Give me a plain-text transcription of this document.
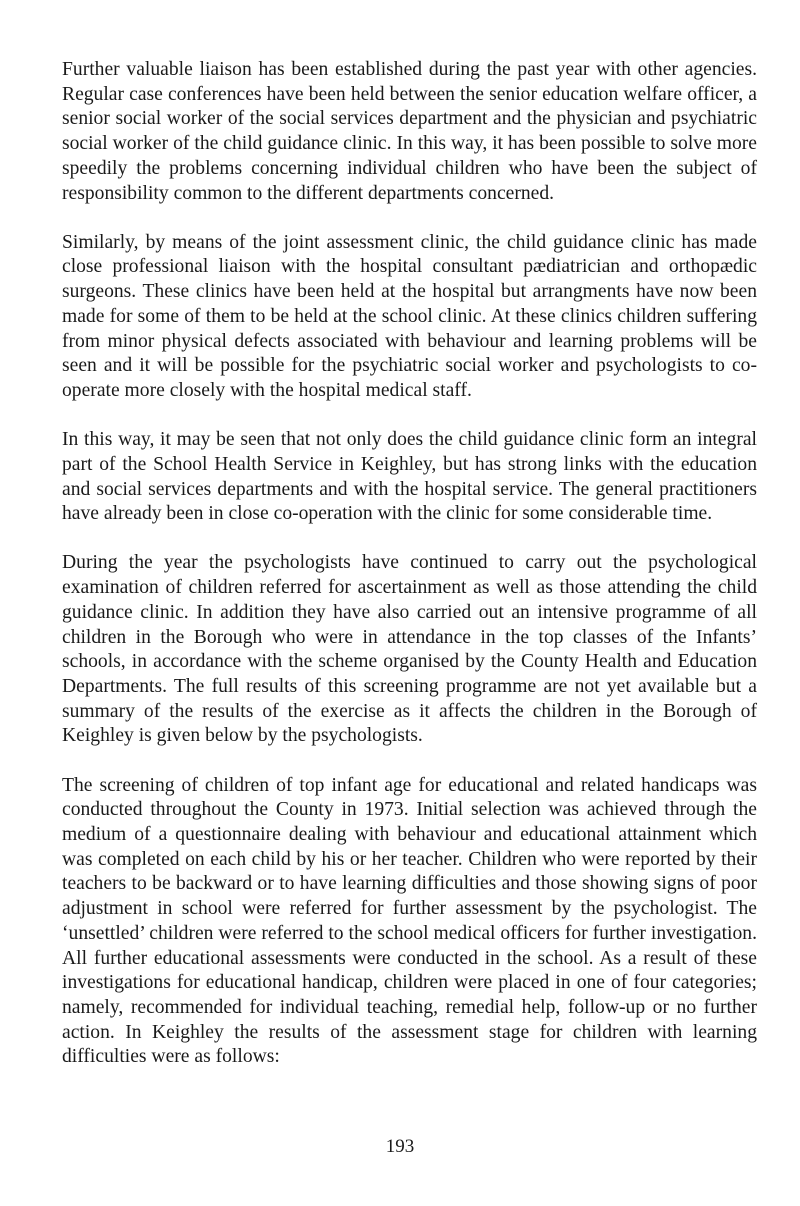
Further valuable liaison has been established during the past year with other agencies. Regular case conferences have been held between the senior education welfare officer, a senior social worker of the social services department and the physician and psychiatric social worker of the child guidance clinic. In this way, it has been possible to solve more speedily the problems concerning individual children who have been the subject of responsibility common to the different departments concerned.

Similarly, by means of the joint assessment clinic, the child guidance clinic has made close professional liaison with the hospital consultant pædiatrician and orthopædic surgeons. These clinics have been held at the hospital but arrangments have now been made for some of them to be held at the school clinic. At these clinics children suffering from minor physical defects associated with behaviour and learning problems will be seen and it will be possible for the psychiatric social worker and psychologists to co-operate more closely with the hospital medical staff.

In this way, it may be seen that not only does the child guidance clinic form an integral part of the School Health Service in Keighley, but has strong links with the education and social services departments and with the hospital service. The general practitioners have already been in close co-operation with the clinic for some considerable time.

During the year the psychologists have continued to carry out the psychological examination of children referred for ascertainment as well as those attending the child guidance clinic. In addition they have also carried out an intensive programme of all children in the Borough who were in attendance in the top classes of the Infants’ schools, in accordance with the scheme organised by the County Health and Education Departments. The full results of this screening programme are not yet available but a summary of the results of the exercise as it affects the children in the Borough of Keighley is given below by the psychologists.

The screening of children of top infant age for educational and related handicaps was conducted throughout the County in 1973. Initial selection was achieved through the medium of a questionnaire dealing with behaviour and educational attainment which was completed on each child by his or her teacher. Children who were reported by their teachers to be backward or to have learning difficulties and those showing signs of poor adjustment in school were referred for further assessment by the psychologist. The ‘unsettled’ children were referred to the school medical officers for further investigation. All further educational assessments were conducted in the school. As a result of these investigations for educational handicap, children were placed in one of four categories; namely, recommended for individual teaching, remedial help, follow-up or no further action. In Keighley the results of the assessment stage for children with learning difficulties were as follows:

193
